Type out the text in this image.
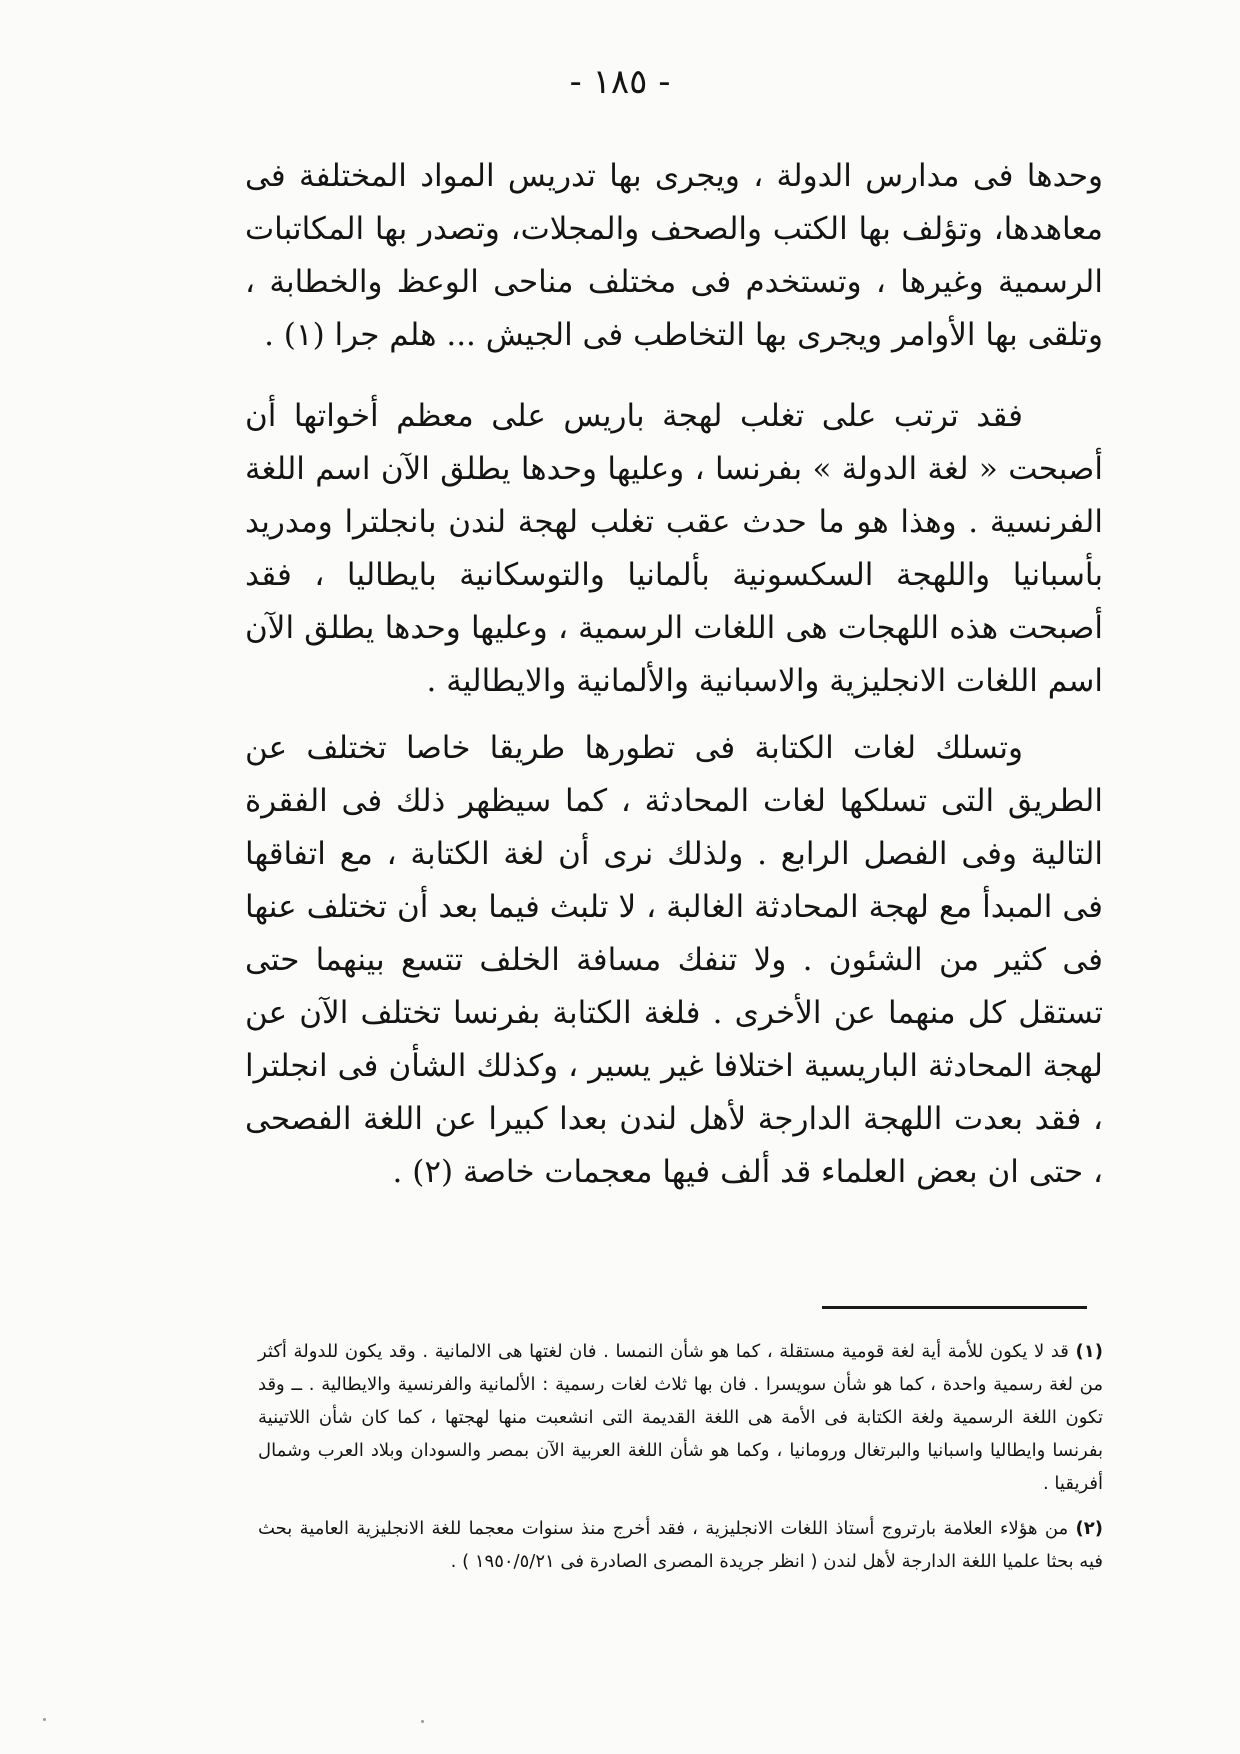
- ١٨٥ -

وحدها فى مدارس الدولة ، ويجرى بها تدريس المواد المختلفة فى معاهدها، وتؤلف بها الكتب والصحف والمجلات، وتصدر بها المكاتبات الرسمية وغيرها ، وتستخدم فى مختلف مناحى الوعظ والخطابة ، وتلقى بها الأوامر ويجرى بها التخاطب فى الجيش ... هلم جرا (١) .

فقد ترتب على تغلب لهجة باريس على معظم أخواتها أن أصبحت « لغة الدولة » بفرنسا ، وعليها وحدها يطلق الآن اسم اللغة الفرنسية . وهذا هو ما حدث عقب تغلب لهجة لندن بانجلترا ومدريد بأسبانيا واللهجة السكسونية بألمانيا والتوسكانية بايطاليا ، فقد أصبحت هذه اللهجات هى اللغات الرسمية ، وعليها وحدها يطلق الآن اسم اللغات الانجليزية والاسبانية والألمانية والايطالية .

وتسلك لغات الكتابة فى تطورها طريقا خاصا تختلف عن الطريق التى تسلكها لغات المحادثة ، كما سيظهر ذلك فى الفقرة التالية وفى الفصل الرابع . ولذلك نرى أن لغة الكتابة ، مع اتفاقها فى المبدأ مع لهجة المحادثة الغالبة ، لا تلبث فيما بعد أن تختلف عنها فى كثير من الشئون . ولا تنفك مسافة الخلف تتسع بينهما حتى تستقل كل منهما عن الأخرى . فلغة الكتابة بفرنسا تختلف الآن عن لهجة المحادثة الباريسية اختلافا غير يسير ، وكذلك الشأن فى انجلترا ، فقد بعدت اللهجة الدارجة لأهل لندن بعدا كبيرا عن اللغة الفصحى ، حتى ان بعض العلماء قد ألف فيها معجمات خاصة (٢) .

(١) قد لا يكون للأمة أية لغة قومية مستقلة ، كما هو شأن النمسا . فان لغتها هى الالمانية . وقد يكون للدولة أكثر من لغة رسمية واحدة ، كما هو شأن سويسرا . فان بها ثلاث لغات رسمية : الألمانية والفرنسية والايطالية . ــ وقد تكون اللغة الرسمية ولغة الكتابة فى الأمة هى اللغة القديمة التى انشعبت منها لهجتها ، كما كان شأن اللاتينية بفرنسا وايطاليا واسبانيا والبرتغال ورومانيا ، وكما هو شأن اللغة العربية الآن بمصر والسودان وبلاد العرب وشمال أفريقيا .

(٢) من هؤلاء العلامة بارتروج أستاذ اللغات الانجليزية ، فقد أخرج منذ سنوات معجما للغة الانجليزية العامية بحث فيه بحثا علميا اللغة الدارجة لأهل لندن ( انظر جريدة المصرى الصادرة فى ١٩٥٠/٥/٢١ ) .
